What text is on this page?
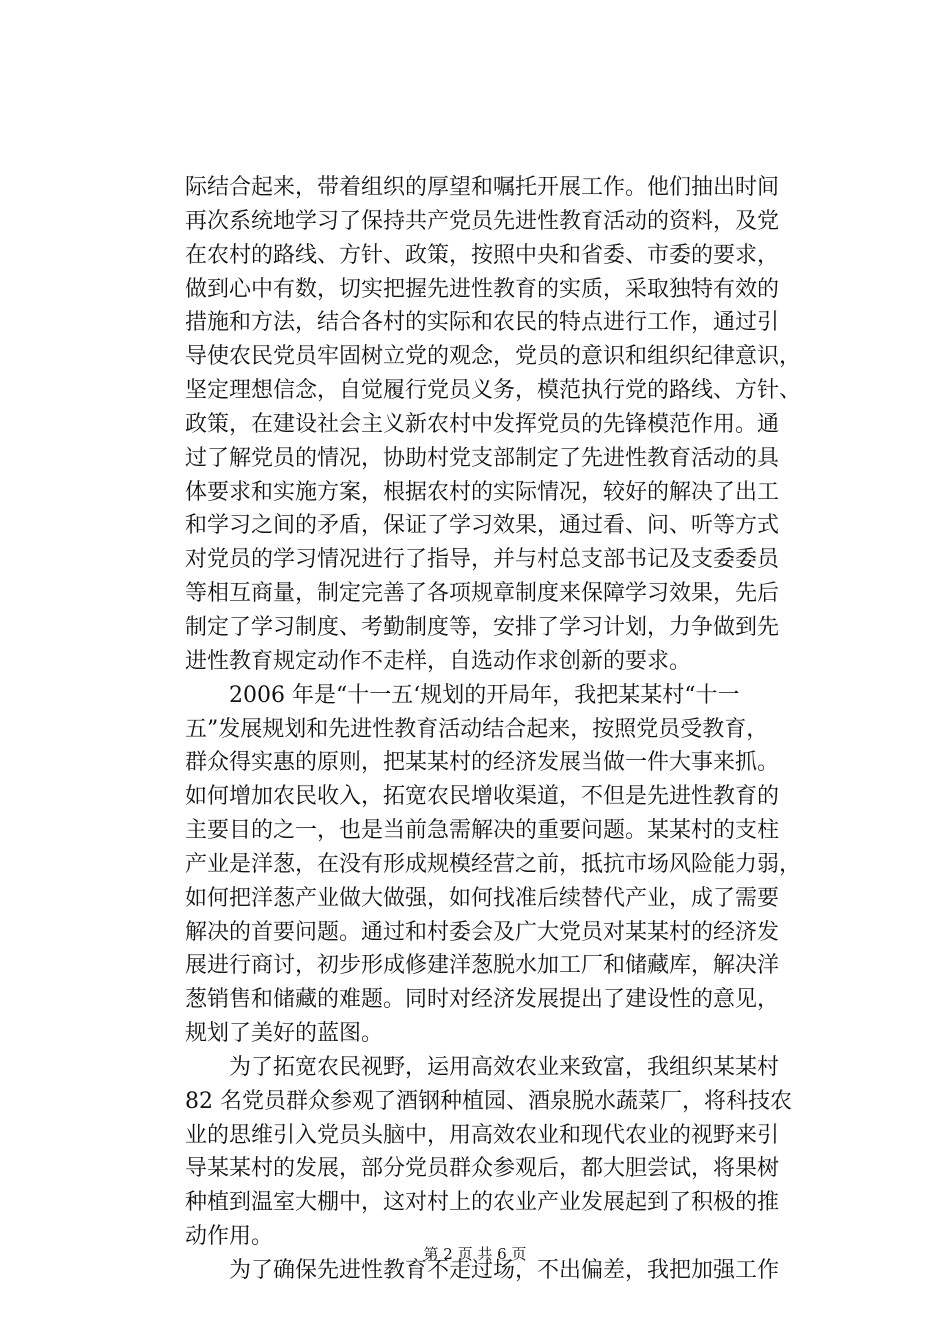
际结合起来，带着组织的厚望和嘱托开展工作。他们抽出时间
再次系统地学习了保持共产党员先进性教育活动的资料，及党
在农村的路线、方针、政策，按照中央和省委、市委的要求，
做到心中有数，切实把握先进性教育的实质，采取独特有效的
措施和方法，结合各村的实际和农民的特点进行工作，通过引
导使农民党员牢固树立党的观念，党员的意识和组织纪律意识，
坚定理想信念，自觉履行党员义务，模范执行党的路线、方针、
政策，在建设社会主义新农村中发挥党员的先锋模范作用。通
过了解党员的情况，协助村党支部制定了先进性教育活动的具
体要求和实施方案，根据农村的实际情况，较好的解决了出工
和学习之间的矛盾，保证了学习效果，通过看、问、听等方式
对党员的学习情况进行了指导，并与村总支部书记及支委委员
等相互商量，制定完善了各项规章制度来保障学习效果，先后
制定了学习制度、考勤制度等，安排了学习计划，力争做到先
进性教育规定动作不走样，自选动作求创新的要求。
　　2006 年是“十一五‘规划的开局年，我把某某村“十一
五”发展规划和先进性教育活动结合起来，按照党员受教育，
群众得实惠的原则，把某某村的经济发展当做一件大事来抓。
如何增加农民收入，拓宽农民增收渠道，不但是先进性教育的
主要目的之一，也是当前急需解决的重要问题。某某村的支柱
产业是洋葱，在没有形成规模经营之前，抵抗市场风险能力弱，
如何把洋葱产业做大做强，如何找准后续替代产业，成了需要
解决的首要问题。通过和村委会及广大党员对某某村的经济发
展进行商讨，初步形成修建洋葱脱水加工厂和储藏库，解决洋
葱销售和储藏的难题。同时对经济发展提出了建设性的意见，
规划了美好的蓝图。
　　为了拓宽农民视野，运用高效农业来致富，我组织某某村
82 名党员群众参观了酒钢种植园、酒泉脱水蔬菜厂，将科技农
业的思维引入党员头脑中，用高效农业和现代农业的视野来引
导某某村的发展，部分党员群众参观后，都大胆尝试，将果树
种植到温室大棚中，这对村上的农业产业发展起到了积极的推
动作用。
　　为了确保先进性教育不走过场，不出偏差，我把加强工作
第 2 页 共 6 页
